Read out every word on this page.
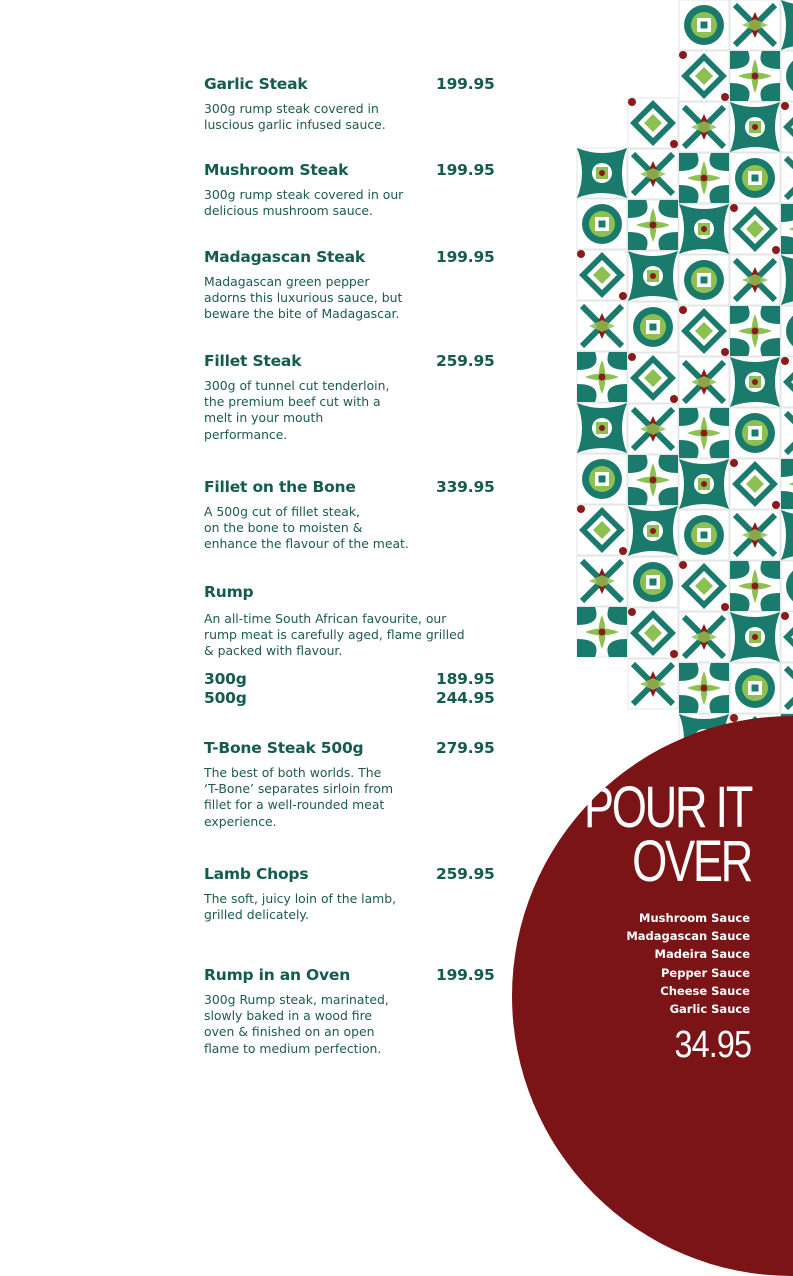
Garlic Steak	199.95
300g rump steak covered in
luscious garlic infused sauce.
Mushroom Steak	199.95
300g rump steak covered in our
delicious mushroom sauce.
Madagascan Steak	199.95
Madagascan green pepper
adorns this luxurious sauce, but
beware the bite of Madagascar.
Fillet Steak	259.95
300g of tunnel cut tenderloin,
the premium beef cut with a
melt in your mouth
performance.
Fillet on the Bone	339.95
A 500g cut of fillet steak,
on the bone to moisten &
enhance the flavour of the meat.
Rump
An all-time South African favourite, our
rump meat is carefully aged, flame grilled
& packed with flavour.
300g	189.95
500g	244.95
T-Bone Steak 500g	279.95
The best of both worlds. The
‘T-Bone’ separates sirloin from
fillet for a well-rounded meat
experience.
Lamb Chops	259.95
The soft, juicy loin of the lamb,
grilled delicately.
Rump in an Oven	199.95
300g Rump steak, marinated,
slowly baked in a wood fire
oven & finished on an open
flame to medium perfection.
POUR IT
OVER
Mushroom Sauce
Madagascan Sauce
Madeira Sauce
Pepper Sauce
Cheese Sauce
Garlic Sauce
34.95
